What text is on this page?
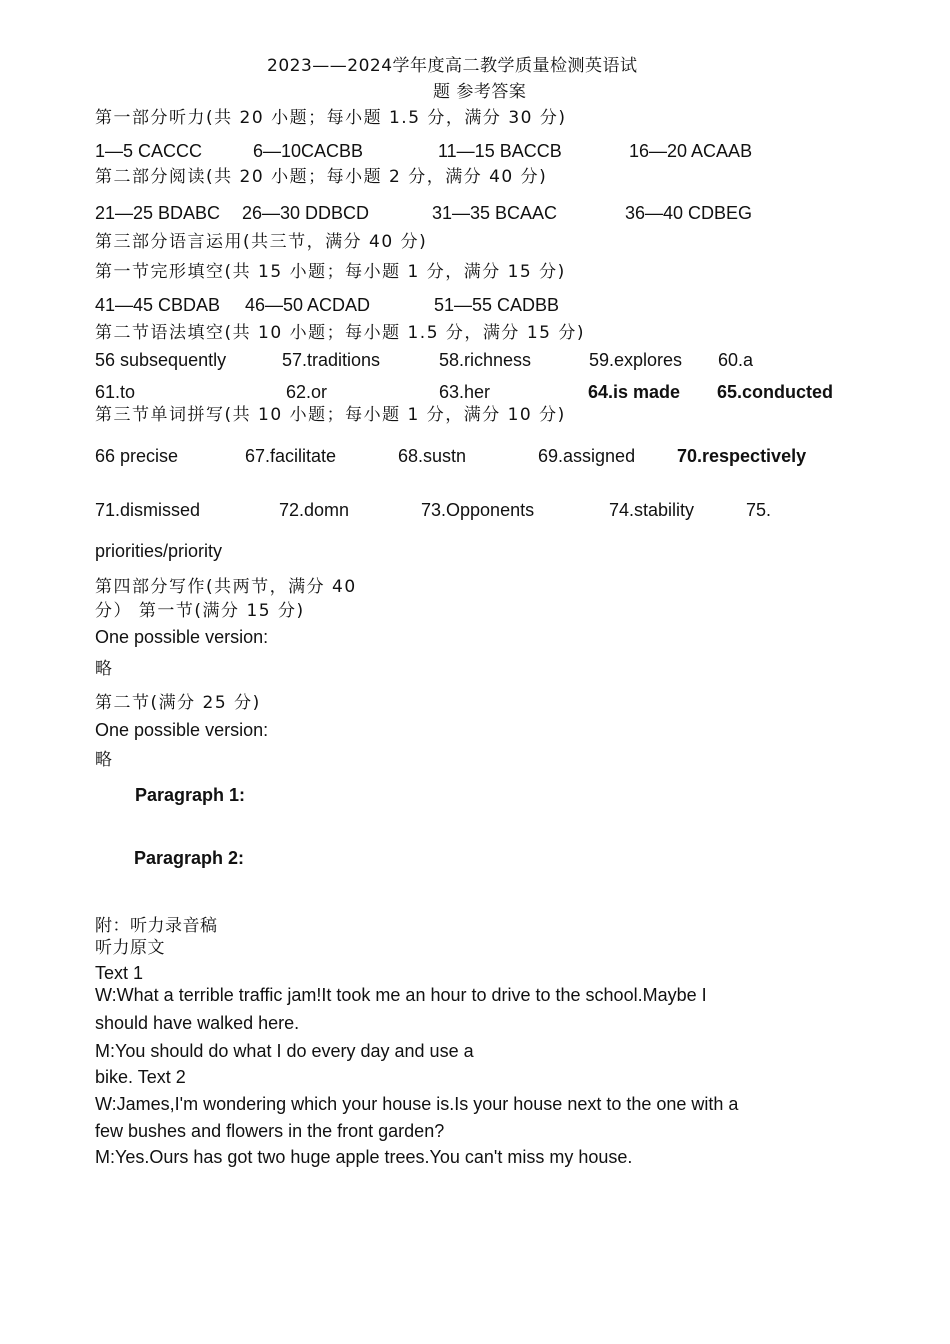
2023——2024学年度高二教学质量检测英语试
题 参考答案
第一部分听力(共 20 小题；每小题 1.5 分，满分 30 分)
1—5 CACCC	6—10CACBB	11—15 BACCB	16—20 ACAAB
第二部分阅读(共 20 小题；每小题 2 分，满分 40 分)
21—25 BDABC 26—30 DDBCD	31—35 BCAAC	36—40 CDBEG
第三部分语言运用(共三节，满分 40 分)
第一节完形填空(共 15 小题；每小题 1 分，满分 15 分)
41—45 CBDAB 46—50 ACDAD	51—55 CADBB
第二节语法填空(共 10 小题；每小题 1.5 分，满分 15 分)
56 subsequently	57.traditions	58.richness	59.explores 60.a
61.to	62.or	63.her	64.is made 65.conducted
第三节单词拼写(共 10 小题；每小题 1 分，满分 10 分)
66 precise	67.facilitate	68.sustn	69.assigned 70.respectively
71.dismissed	72.domn	73.Opponents	74.stability	75.
priorities/priority
第四部分写作(共两节，满分 40
分） 第一节(满分 15 分)
One possible version:
略
第二节(满分 25 分)
One possible version:
略
Paragraph 1:
Paragraph 2:
附：听力录音稿
听力原文
Text 1
W:What a terrible traffic jam!It took me an hour to drive to the school.Maybe I
should have walked here.
M:You should do what I do every day and use a
bike. Text 2
W:James,I'm wondering which your house is.Is your house next to the one with a
few bushes and flowers in the front garden?
M:Yes.Ours has got two huge apple trees.You can't miss my house.
